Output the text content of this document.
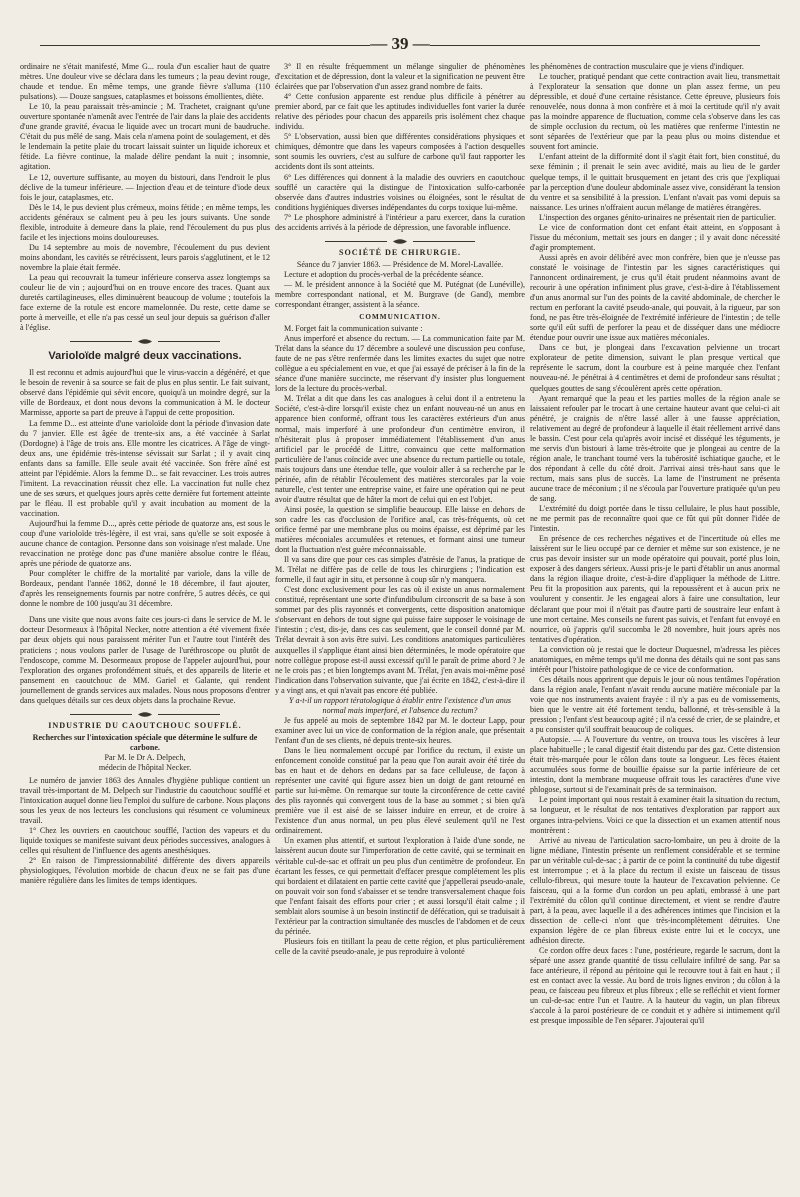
— 39 —

ordinaire ne s'était manifesté, Mme G... roula d'un escalier haut de quatre mètres. Une douleur vive se déclara dans les tumeurs ; la peau devint rouge, chaude et tendue. En même temps, une grande fièvre s'alluma (110 pulsations). — Douze sangsues, cataplasmes et boissons émollientes, diète.

Le 10, la peau paraissait très-amincie ; M. Trachetet, craignant qu'une ouverture spontanée n'amenât avec l'entrée de l'air dans la plaie des accidents d'une grande gravité, évacua le liquide avec un trocart muni de baudruche. C'était du pus mêlé de sang. Mais cela n'amena point de soulagement, et dès le lendemain la petite plaie du trocart laissait suinter un liquide ichoreux et fétide. La fièvre continue, la malade délire pendant la nuit ; insomnie, agitation.

Le 12, ouverture suffisante, au moyen du bistouri, dans l'endroit le plus déclive de la tumeur inférieure. — Injection d'eau et de teinture d'iode deux fois le jour, cataplasmes, etc.

Dès le 14, le pus devient plus crémeux, moins fétide ; en même temps, les accidents généraux se calment peu à peu les jours suivants. Une sonde flexible, introduite à demeure dans la plaie, rend l'écoulement du pus plus facile et les injections moins douloureuses.

Du 14 septembre au mois de novembre, l'écoulement du pus devient moins abondant, les cavités se rétrécissent, leurs parois s'agglutinent, et le 12 novembre la plaie était fermée.

La peau qui recouvrait la tumeur inférieure conserva assez longtemps sa couleur lie de vin ; aujourd'hui on en trouve encore des traces. Quant aux duretés cartilagineuses, elles diminuèrent beaucoup de volume ; toutefois la face externe de la rotule est encore mamelonnée. Du reste, cette dame se porte à merveille, et elle n'a pas cessé un seul jour depuis sa guérison d'aller à l'église.

Varioloïde malgré deux vaccinations.

Il est reconnu et admis aujourd'hui que le virus-vaccin a dégénéré, et que le besoin de revenir à sa source se fait de plus en plus sentir. Le fait suivant, observé dans l'épidémie qui sévit encore, quoiqu'à un moindre degré, sur la ville de Bordeaux, et dont nous devons la communication à M. le docteur Marmisse, apporte sa part de preuve à l'appui de cette proposition.

La femme D... est atteinte d'une varioloïde dont la période d'invasion date du 7 janvier. Elle est âgée de trente-six ans, a été vaccinée à Sarlat (Dordogne) à l'âge de trois ans. Elle montre les cicatrices. A l'âge de vingt-deux ans, une épidémie très-intense sévissait sur Sarlat ; il y avait cinq enfants dans sa famille. Elle seule avait été vaccinée. Son frère aîné est atteint par l'épidémie. Alors la femme D... se fait revacciner. Les trois autres l'imitent. La revaccination réussit chez elle. La vaccination fut nulle chez une de ses sœurs, et quelques jours après cette dernière fut fortement atteinte par le fléau. Il est probable qu'il y avait incubation au moment de la vaccination.

Aujourd'hui la femme D..., après cette période de quatorze ans, est sous le coup d'une varioloïde très-légère, il est vrai, sans qu'elle se soit exposée à aucune chance de contagion. Personne dans son voisinage n'est malade. Une revaccination ne protège donc pas d'une manière absolue contre le fléau, après une période de quatorze ans.

Pour compléter le chiffre de la mortalité par variole, dans la ville de Bordeaux, pendant l'année 1862, donné le 18 décembre, il faut ajouter, d'après les renseignements fournis par notre confrère, 5 autres décès, ce qui donne le nombre de 100 jusqu'au 31 décembre.

Dans une visite que nous avons faite ces jours-ci dans le service de M. le docteur Desormeaux à l'hôpital Necker, notre attention a été vivement fixée par deux objets qui nous paraissent mériter l'un et l'autre tout l'intérêt des praticiens ; nous voulons parler de l'usage de l'uréthroscope ou plutôt de l'endoscope, comme M. Desormeaux propose de l'appeler aujourd'hui, pour l'exploration des organes profondément situés, et des appareils de literie et pansement en caoutchouc de MM. Gariel et Galante, qui rendent journellement de grands services aux malades. Nous nous proposons d'entrer dans quelques détails sur ces deux objets dans la prochaine Revue.

INDUSTRIE DU CAOUTCHOUC SOUFFLÉ.

Recherches sur l'intoxication spéciale que détermine le sulfure de carbone.

Par M. le Dr A. Delpech,

médecin de l'hôpital Necker.

Le numéro de janvier 1863 des Annales d'hygiène publique contient un travail très-important de M. Delpech sur l'industrie du caoutchouc soufflé et l'intoxication auquel donne lieu l'emploi du sulfure de carbone. Nous plaçons sous les yeux de nos lecteurs les conclusions qui résument ce volumineux travail.

1° Chez les ouvriers en caoutchouc soufflé, l'action des vapeurs et du liquide toxiques se manifeste suivant deux périodes successives, analogues à celles qui résultent de l'influence des agents anesthésiques.

2° En raison de l'impressionnabilité différente des divers appareils physiologiques, l'évolution morbide de chacun d'eux ne se fait pas d'une manière régulière dans les limites de temps identiques.

3° Il en résulte fréquemment un mélange singulier de phénomènes d'excitation et de dépression, dont la valeur et la signification ne peuvent être éclairées que par l'observation d'un assez grand nombre de faits.

4° Cette confusion apparente est rendue plus difficile à pénétrer au premier abord, par ce fait que les aptitudes individuelles font varier la durée relative des périodes pour chacun des appareils pris isolément chez chaque individu.

5° L'observation, aussi bien que différentes considérations physiques et chimiques, démontre que dans les vapeurs composées à l'action desquelles sont soumis les ouvriers, c'est au sulfure de carbone qu'il faut rapporter les accidents dont ils sont atteints.

6° Les différences qui donnent à la maladie des ouvriers en caoutchouc soufflé un caractère qui la distingue de l'intoxication sulfo-carbonée observée dans d'autres industries voisines ou éloignées, sont le résultat de conditions hygiéniques diverses indépendantes du corps toxique lui-même.

7° Le phosphore administré à l'intérieur a paru exercer, dans la curation des accidents arrivés à la période de dépression, une favorable influence.

SOCIÉTÉ DE CHIRURGIE.

Séance du 7 janvier 1863. — Présidence de M. Morel-Lavallée.

Lecture et adoption du procès-verbal de la précédente séance.

— M. le président annonce à la Société que M. Putégnat (de Lunéville), membre correspondant national, et M. Burgrave (de Gand), membre correspondant étranger, assistent à la séance.

COMMUNICATION.

M. Forget fait la communication suivante :

Anus imperforé et absence du rectum. — La communication faite par M. Trélat dans la séance du 17 décembre a soulevé une discussion peu confuse, faute de ne pas s'être renfermée dans les limites exactes du sujet que notre collègue a eu spécialement en vue, et que j'ai essayé de préciser à la fin de la séance d'une manière succincte, me réservant d'y insister plus longuement lors de la lecture du procès-verbal.

M. Trélat a dit que dans les cas analogues à celui dont il a entretenu la Société, c'est-à-dire lorsqu'il existe chez un enfant nouveau-né un anus en apparence bien conformé, offrant tous les caractères extérieurs d'un anus normal, mais imperforé à une profondeur d'un centimètre environ, il n'hésiterait plus à proposer immédiatement l'établissement d'un anus artificiel par le procédé de Littre, convaincu que cette malformation particulière de l'anus coïncide avec une absence du rectum partielle ou totale, mais toujours dans une étendue telle, que vouloir aller à sa recherche par le périnée, afin de rétablir l'écoulement des matières stercorales par la voie naturelle, c'est tenter une entreprise vaine, et faire une opération qui ne peut avoir d'autre résultat que de hâter la mort de celui qui en est l'objet.

Ainsi posée, la question se simplifie beaucoup. Elle laisse en dehors de son cadre les cas d'occlusion de l'orifice anal, cas très-fréquents, où cet orifice fermé par une membrane plus ou moins épaisse, est déprimé par les matières méconiales accumulées et retenues, et formant ainsi une tumeur dont la fluctuation n'est guère méconnaissable.

Il va sans dire que pour ces cas simples d'atrésie de l'anus, la pratique de M. Trélat ne diffère pas de celle de tous les chirurgiens ; l'indication est formelle, il faut agir in situ, et personne à coup sûr n'y manquera.

C'est donc exclusivement pour les cas où il existe un anus normalement constitué, représentant une sorte d'infundibulum circonscrit de sa base à son sommet par des plis rayonnés et convergents, cette disposition anatomique s'observant en dehors de tout signe qui puisse faire supposer le voisinage de l'intestin ; c'est, dis-je, dans ces cas seulement, que le conseil donné par M. Trélat devrait à son avis être suivi. Les conditions anatomiques particulières auxquelles il s'applique étant ainsi bien déterminées, le mode opératoire que notre collègue propose est-il aussi excessif qu'il le paraît de prime abord ? Je ne le crois pas ; et bien longtemps avant M. Trélat, j'en avais moi-même posé l'indication dans l'observation suivante, que j'ai écrite en 1842, c'est-à-dire il y a vingt ans, et qui n'avait pas encore été publiée.

Y a-t-il un rapport tératologique à établir entre l'existence d'un anus normal mais imperforé, et l'absence du rectum?

Je fus appelé au mois de septembre 1842 par M. le docteur Lapp, pour examiner avec lui un vice de conformation de la région anale, que présentait l'enfant d'un de ses clients, né depuis trente-six heures.

Dans le lieu normalement occupé par l'orifice du rectum, il existe un enfoncement conoïde constitué par la peau que l'on aurait avoir été tirée du bas en haut et de dehors en dedans par sa face celluleuse, de façon à représenter une cavité qui figure assez bien un doigt de gant retourné en partie sur lui-même. On remarque sur toute la circonférence de cette cavité des plis rayonnés qui convergent tous de la base au sommet ; si bien qu'à première vue il est aisé de se laisser induire en erreur, et de croire à l'existence d'un anus normal, un peu plus élevé seulement qu'il ne l'est ordinairement.

Un examen plus attentif, et surtout l'exploration à l'aide d'une sonde, ne laissèrent aucun doute sur l'imperforation de cette cavité, qui se terminait en véritable cul-de-sac et offrait un peu plus d'un centimètre de profondeur. En écartant les fesses, ce qui permettait d'effacer presque complétement les plis qui bordaient et dilataient en partie cette cavité que j'appellerai pseudo-anale, on pouvait voir son fond s'abaisser et se tendre transversalement chaque fois que l'enfant faisait des efforts pour crier ; et aussi lorsqu'il était calme ; il semblait alors soumise à un besoin instinctif de défécation, qui se traduisait à l'extérieur par la contraction simultanée des muscles de l'abdomen et de ceux du périnée.

Plusieurs fois en titillant la peau de cette région, et plus particulièrement celle de la cavité pseudo-anale, je pus reproduire à volonté

les phénomènes de contraction musculaire que je viens d'indiquer.

Le toucher, pratiqué pendant que cette contraction avait lieu, transmettait à l'explorateur la sensation que donne un plan assez ferme, un peu dépressible, et doué d'une certaine résistance. Cette épreuve, plusieurs fois renouvelée, nous donna à mon confrère et à moi la certitude qu'il n'y avait pas la moindre apparence de fluctuation, comme cela s'observe dans les cas de simple occlusion du rectum, où les matières que renferme l'intestin ne sont séparées de l'extérieur que par la peau plus ou moins distendue et souvent fort amincie.

L'enfant atteint de la difformité dont il s'agit était fort, bien constitué, du sexe féminin ; il prenait le sein avec avidité, mais au lieu de le garder quelque temps, il le quittait brusquement en jetant des cris que j'expliquai par la perception d'une douleur abdominale assez vive, considérant la tension du ventre et sa sensibilité à la pression. L'enfant n'avait pas vomi depuis sa naissance. Les urines n'offraient aucun mélange de matières étrangères.

L'inspection des organes génito-urinaires ne présentait rien de particulier.

Le vice de conformation dont cet enfant était atteint, en s'opposant à l'issue du méconium, mettait ses jours en danger ; il y avait donc nécessité d'agir promptement.

Aussi après en avoir délibéré avec mon confrère, bien que je n'eusse pas constaté le voisinage de l'intestin par les signes caractéristiques qui l'annoncent ordinairement, je crus qu'il était prudent néanmoins avant de recourir à une opération infiniment plus grave, c'est-à-dire à l'établissement d'un anus anormal sur l'un des points de la cavité abdominale, de chercher le rectum en perforant la cavité pseudo-anale, qui pouvait, à la rigueur, par son fond, ne pas être très-éloignée de l'extrémité inférieure de l'intestin ; de telle sorte qu'il eût suffi de perforer la peau et de disséquer dans une médiocre étendue pour ouvrir une issue aux matières méconiales.

Dans ce but, je plongeai dans l'excavation pelvienne un trocart explorateur de petite dimension, suivant le plan presque vertical que représente le sacrum, dont la courbure est à peine marquée chez l'enfant nouveau-né. Je pénétrai à 4 centimètres et demi de profondeur sans résultat ; quelques gouttes de sang s'écoulèrent après cette opération.

Ayant remarqué que la peau et les parties molles de la région anale se laissaient refouler par le trocart à une certaine hauteur avant que celui-ci ait pénétré, je craignis de n'être lassé aller à une fausse appréciation, relativement au degré de profondeur à laquelle il était réellement arrivé dans le bassin. C'est pour cela qu'après avoir incisé et disséqué les téguments, je me servis d'un bistouri à lame très-étroite que je plongeai au centre de la région anale, le tranchant tourné vers la tubérosité ischiatique gauche, et le dos répondant à celle du côté droit. J'arrivai ainsi très-haut sans que le rectum, mais sans plus de succès. La lame de l'instrument ne présenta aucune trace de méconium ; il ne s'écoula par l'ouverture pratiquée qu'un peu de sang.

L'extrémité du doigt portée dans le tissu cellulaire, le plus haut possible, ne me permit pas de reconnaître quoi que ce fût qui pût donner l'idée de l'intestin.

En présence de ces recherches négatives et de l'incertitude où elles me laissèrent sur le lieu occupé par ce dernier et même sur son existence, je ne crus pas devoir insister sur un mode opératoire qui pouvait, porté plus loin, exposer à des dangers sérieux. Aussi pris-je le parti d'établir un anus anormal dans la région iliaque droite, c'est-à-dire d'appliquer la méthode de Littre. Peu fit la proposition aux parents, qui la repoussèrent et à aucun prix ne voulurent y consentir. Je les engageai alors à faire une consultation, leur déclarant que pour moi il n'était pas d'autre parti de soustraire leur enfant à une mort certaine. Mes conseils ne furent pas suivis, et l'enfant fut envoyé en nourrice, où j'appris qu'il succomba le 28 novembre, huit jours après nos tentatives d'opération.

La conviction où je restai que le docteur Duquesnel, m'adressa les pièces anatomiques, en même temps qu'il me donna des détails qui ne sont pas sans intérêt pour l'histoire pathologique de ce vice de conformation.

Ces détails nous apprirent que depuis le jour où nous tentâmes l'opération dans la région anale, l'enfant n'avait rendu aucune matière méconiale par la voie que nos instruments avaient frayée : il n'y a pas eu de vomissements, bien que le ventre ait été fortement tendu, ballonné, et très-sensible à la pression ; l'enfant s'est beaucoup agité ; il n'a cessé de crier, de se plaindre, et a pu consister qu'il souffrait beaucoup de coliques.

Autopsie. — A l'ouverture du ventre, on trouva tous les viscères à leur place habituelle ; le canal digestif était distendu par des gaz. Cette distension était très-marquée pour le côlon dans toute sa longueur. Les fèces étaient accumulées sous forme de bouillie épaisse sur la partie inférieure de cet intestin, dont la membrane muqueuse offrait tous les caractères d'une vive phlogose, surtout si de l'examinait près de sa terminaison.

Le point important qui nous restait à examiner était la situation du rectum, sa longueur, et le résultat de nos tentatives d'exploration par rapport aux organes intra-pelviens. Voici ce que la dissection et un examen attentif nous montrèrent :

Arrivé au niveau de l'articulation sacro-lombaire, un peu à droite de la ligne médiane, l'intestin présente un renflement considérable et se termine par un véritable cul-de-sac ; à partir de ce point la continuité du tube digestif est interrompue ; et à la place du rectum il existe un faisceau de tissus cellulo-fibreux, qui mesure toute la hauteur de l'excavation pelvienne. Ce faisceau, qui a la forme d'un cordon un peu aplati, embrassé à une part l'extrémité du côlon qu'il continue directement, et vient se rendre d'autre part, à la peau, avec laquelle il a des adhérences intimes que l'incision et la dissection de celle-ci n'ont que très-incomplètement détruites. Une expansion légère de ce plan fibreux existe entre lui et le coccyx, une adhésion directe.

Ce cordon offre deux faces : l'une, postérieure, regarde le sacrum, dont la séparé une assez grande quantité de tissu cellulaire infiltré de sang. Par sa face antérieure, il répond au péritoine qui le recouvre tout à fait en haut ; il est en contact avec la vessie. Au bord de trois lignes environ ; du côlon à la peau, ce faisceau peu fibreux et plus fibreux ; elle se refléchit et vient former un cul-de-sac entre l'un et l'autre. A la hauteur du vagin, un plan fibreux s'accole à la paroi postérieure de ce conduit et y adhère si intimement qu'il est presque impossible de l'en séparer. J'ajouterai qu'il
